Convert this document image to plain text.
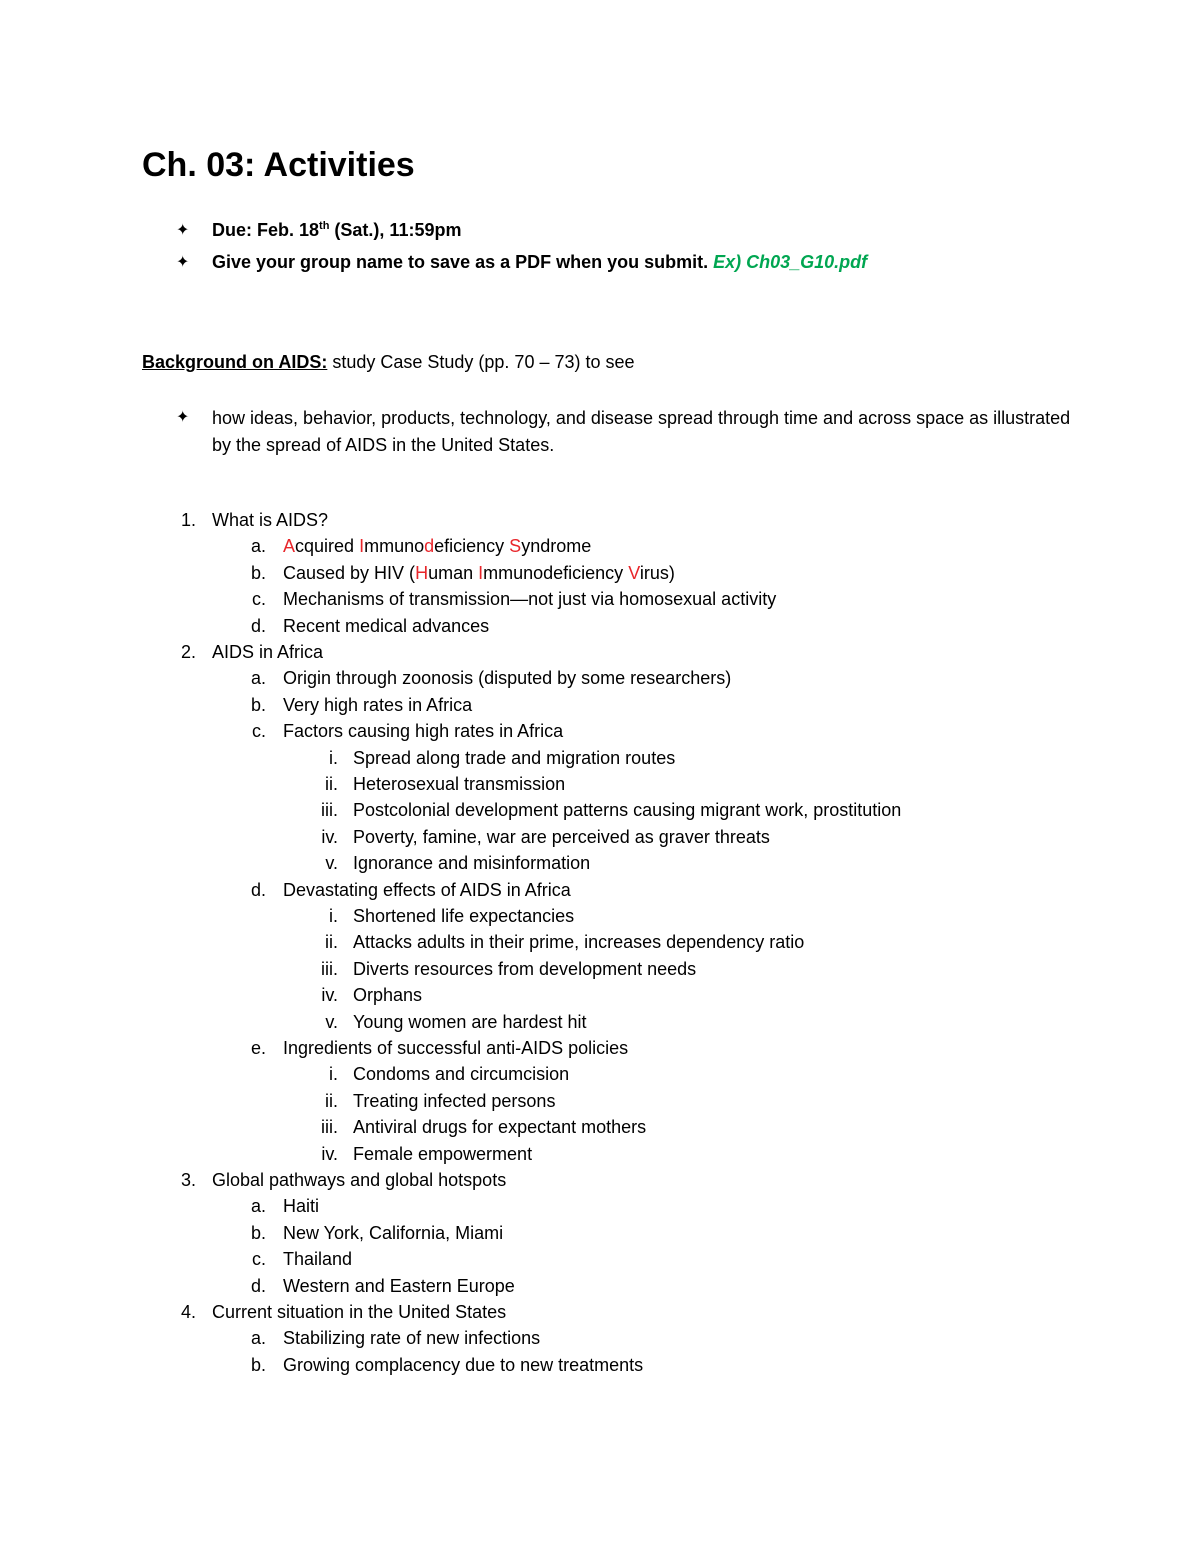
Ch. 03: Activities
✦ Due: Feb. 18th (Sat.), 11:59pm
✦ Give your group name to save as a PDF when you submit. Ex) Ch03_G10.pdf
Background on AIDS: study Case Study (pp. 70 – 73) to see
✦ how ideas, behavior, products, technology, and disease spread through time and across space as illustrated by the spread of AIDS in the United States.
1. What is AIDS?
a. Acquired Immunodeficiency Syndrome
b. Caused by HIV (Human Immunodeficiency Virus)
c. Mechanisms of transmission—not just via homosexual activity
d. Recent medical advances
2. AIDS in Africa
a. Origin through zoonosis (disputed by some researchers)
b. Very high rates in Africa
c. Factors causing high rates in Africa
i. Spread along trade and migration routes
ii. Heterosexual transmission
iii. Postcolonial development patterns causing migrant work, prostitution
iv. Poverty, famine, war are perceived as graver threats
v. Ignorance and misinformation
d. Devastating effects of AIDS in Africa
i. Shortened life expectancies
ii. Attacks adults in their prime, increases dependency ratio
iii. Diverts resources from development needs
iv. Orphans
v. Young women are hardest hit
e. Ingredients of successful anti-AIDS policies
i. Condoms and circumcision
ii. Treating infected persons
iii. Antiviral drugs for expectant mothers
iv. Female empowerment
3. Global pathways and global hotspots
a. Haiti
b. New York, California, Miami
c. Thailand
d. Western and Eastern Europe
4. Current situation in the United States
a. Stabilizing rate of new infections
b. Growing complacency due to new treatments
